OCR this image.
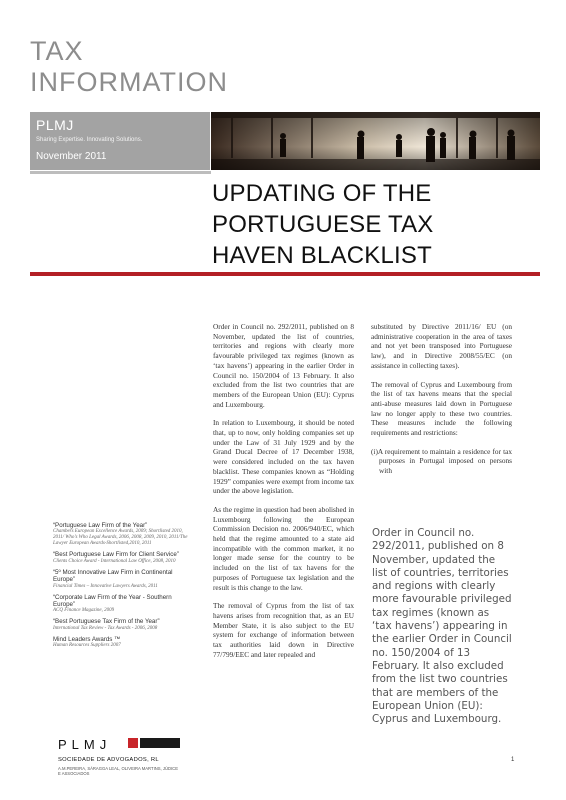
TAX
INFORMATION
PLMJ
Sharing Expertise. Innovating Solutions.
November 2011
UPDATING OF THE
PORTUGUESE TAX
HAVEN BLACKLIST

Order in Council no. 292/2011, published on 8 November, updated the list of countries, territories and regions with clearly more favourable privileged tax regimes (known as ‘tax havens’) appearing in the earlier Order in Council no. 150/2004 of 13 February. It also excluded from the list two countries that are members of the European Union (EU): Cyprus and Luxembourg.

In relation to Luxembourg, it should be noted that, up to now, only holding companies set up under the Law of 31 July 1929 and by the Grand Ducal Decree of 17 December 1938, were considered included on the tax haven blacklist. These companies known as “Holding 1929” companies were exempt from income tax under the above legislation.

As the regime in question had been abolished in Luxembourg following the European Commission Decision no. 2006/940/EC, which held that the regime amounted to a state aid incompatible with the common market, it no longer made sense for the country to be included on the list of tax havens for the purposes of Portuguese tax legislation and the result is this change to the law.

The removal of Cyprus from the list of tax havens arises from recognition that, as an EU Member State, it is also subject to the EU system for exchange of information between tax authorities laid down in Directive 77/799/EEC and later repealed and

substituted by Directive 2011/16/ EU (on administrative cooperation in the area of taxes and not yet been transposed into Portuguese law), and in Directive 2008/55/EC (on assistance in collecting taxes).

The removal of Cyprus and Luxembourg from the list of tax havens means that the special anti-abuse measures laid down in Portuguese law no longer apply to these two countries. These measures include the following requirements and restrictions:

(i)A requirement to maintain a residence for tax purposes in Portugal imposed on persons with

Order in Council no. 292/2011, published on 8 November, updated the list of countries, territories and regions with clearly more favourable privileged tax regimes (known as ‘tax havens’) appearing in the earlier Order in Council no. 150/2004 of 13 February. It also excluded from the list two countries that are members of the European Union (EU): Cyprus and Luxembourg.
1
“Portuguese Law Firm of the Year”
Chambers European Excellence Awards, 2009; Shortlisted 2010, 2011/ Who’s Who Legal Awards, 2006, 2008, 2009, 2010, 2011/The Lawyer European Awards-Shortlisted,2010, 2011
“Best Portuguese Law Firm for Client Service”
Clients Choice Award - International Law Office, 2008, 2010
“5º Most Innovative Law Firm in Continental Europe”
Financial Times – Innovative Lawyers Awards, 2011
“Corporate Law Firm of the Year - Southern Europe”
ACQ Finance Magazine, 2009
“Best Portuguese Tax Firm of the Year”
International Tax Review - Tax Awards - 2006, 2008
Mind Leaders Awards ™
Human Resources Suppliers 2007
PLMJ
SOCIEDADE DE ADVOGADOS, RL
A.M.PEREIRA, SÁRAGGA LEAL, OLIVEIRA MARTINS, JÚDICE E ASSOCIADOS
